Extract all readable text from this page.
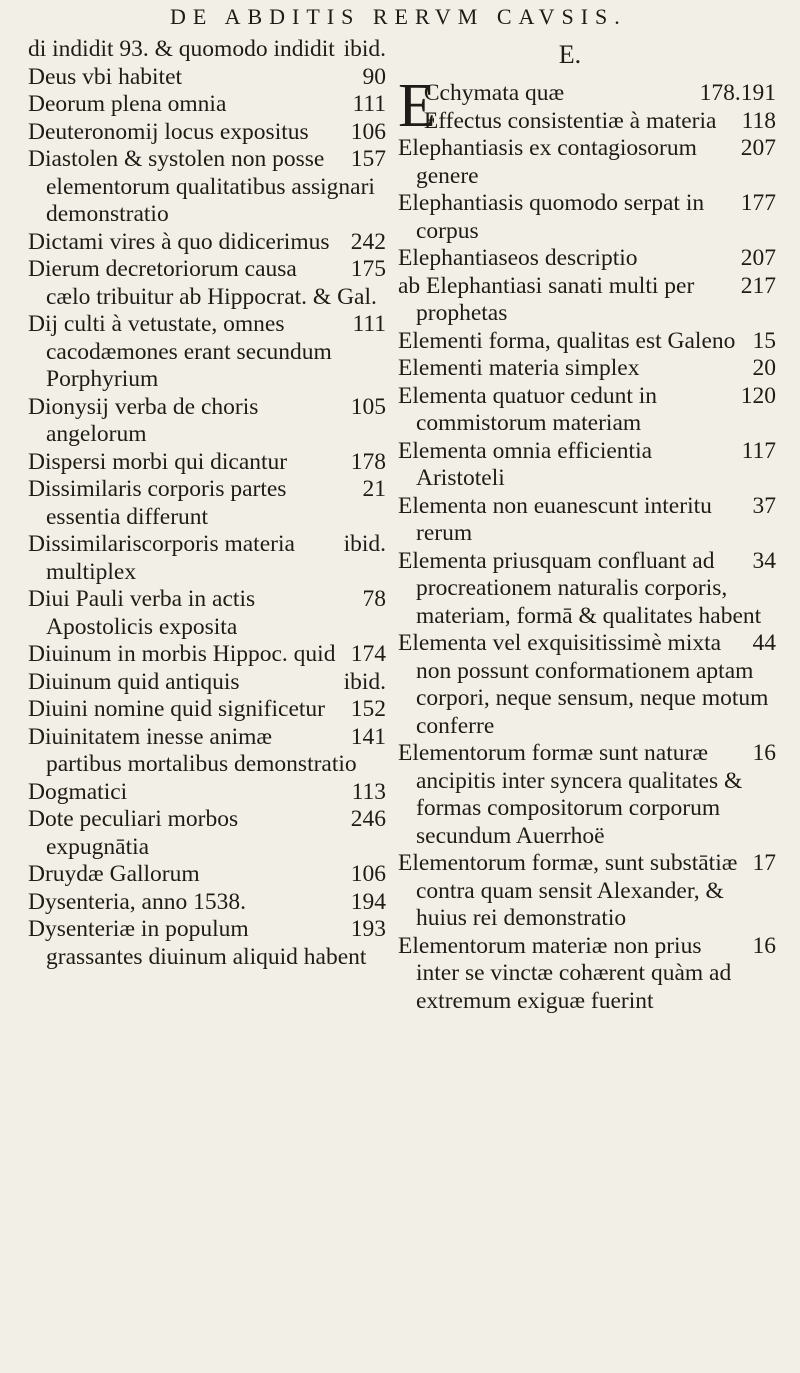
DE ABDITIS RERVM CAVSIS.

ibid.
di indidit 93. & quomodo indidit

90
Deus vbi habitet

111
Deorum plena omnia

106
Deuteronomij locus expositus

157
Diastolen & systolen non posse elementorum qualitatibus assignari demonstratio

242
Dictami vires à quo didicerimus

175
Dierum decretoriorum causa cælo tribuitur ab Hippocrat. & Gal.

111
Dij culti à vetustate, omnes cacodæmones erant secundum Porphyrium

105
Dionysij verba de choris angelorum

178
Dispersi morbi qui dicantur

21
Dissimilaris corporis partes essentia differunt

ibid.
Dissimilariscorporis materia multiplex

78
Diui Pauli verba in actis Apostolicis exposita

174
Diuinum in morbis Hippoc. quid

ibid.
Diuinum quid antiquis

152
Diuini nomine quid significetur

141
Diuinitatem inesse animæ partibus mortalibus demonstratio

113
Dogmatici

246
Dote peculiari morbos expugnātia

106
Druydæ Gallorum

194
Dysenteria, anno 1538.

193
Dysenteriæ in populum grassantes diuinum aliquid habent

E	178.191
Cchymata quæ

118
Effectus consistentiæ à materia

207
Elephantiasis ex contagiosorum genere

177
Elephantiasis quomodo serpat in corpus

207
Elephantiaseos descriptio

217
ab Elephantiasi sanati multi per prophetas

15
Elementi forma, qualitas est Galeno

20
Elementi materia simplex

120
Elementa quatuor cedunt in commistorum materiam

117
Elementa omnia efficientia Aristoteli

37
Elementa non euanescunt interitu rerum

34
Elementa priusquam confluant ad procreationem naturalis corporis, materiam, formā & qualitates habent

44
Elementa vel exquisitissimè mixta non possunt conformationem aptam corpori, neque sensum, neque motum conferre

16
Elementorum formæ sunt naturæ ancipitis inter syncera qualitates & formas compositorum corporum secundum Auerrhoë

17
Elementorum formæ, sunt substātiæ contra quam sensit Alexander, & huius rei demonstratio

16
Elementorum materiæ non prius inter se vinctæ cohærent quàm ad extremum exiguæ fuerint

E.
